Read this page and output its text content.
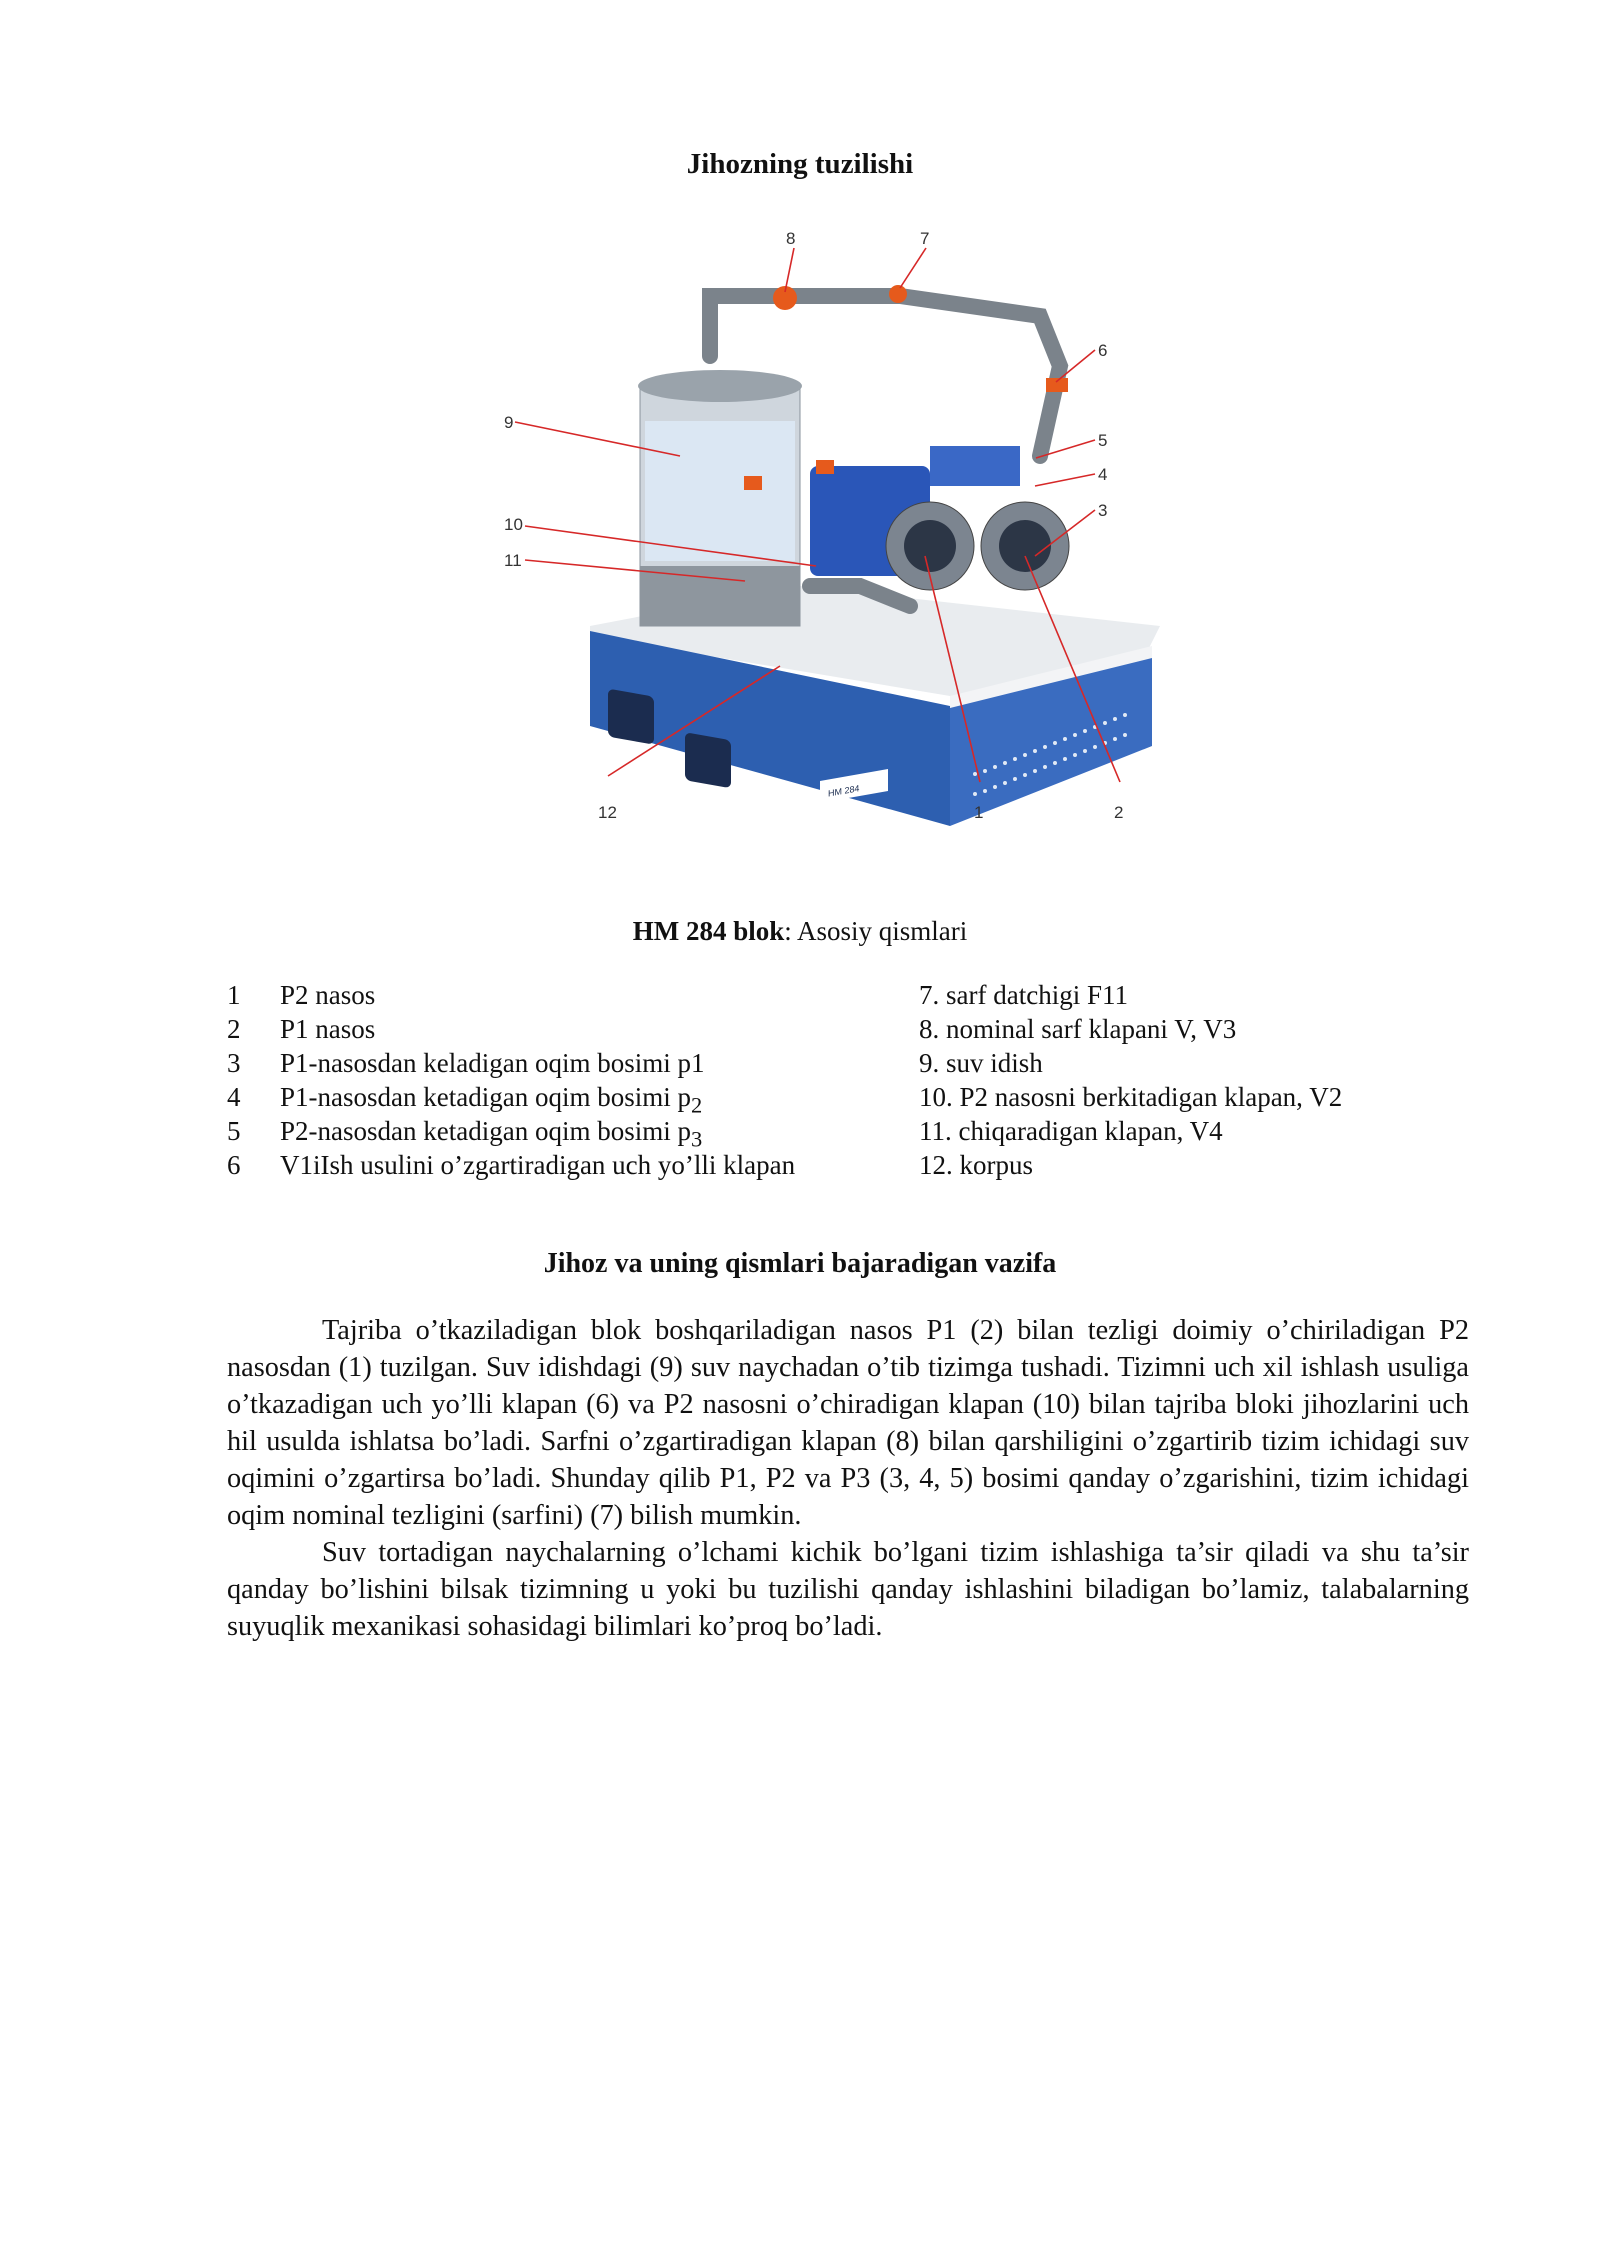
Jihozning tuzilishi
HM 284
8	7
6
5
4
3
9
10
11
12	1	2
HM 284 blok: Asosiy qismlari
1 P2 nasos
2 P1 nasos
3 P1-nasosdan keladigan oqim bosimi p1
4 P1-nasosdan ketadigan oqim bosimi $p_2$
5 P2-nasosdan ketadigan oqim bosimi $p_3$
6 V1iIsh usulini o’zgartiradigan uch yo’lli klapan
7. sarf datchigi F11
8. nominal sarf klapani V, V3
9. suv idish
10. P2 nasosni berkitadigan klapan, V2
11. chiqaradigan klapan, V4
12. korpus
Jihoz va uning qismlari bajaradigan vazifa

Tajriba o’tkaziladigan blok boshqariladigan nasos P1 (2) bilan tezligi doimiy o’chiriladigan P2 nasosdan (1) tuzilgan. Suv idishdagi (9) suv naychadan o’tib tizimga tushadi. Tizimni uch xil ishlash usuliga o’tkazadigan uch yo’lli klapan (6) va P2 nasosni o’chiradigan klapan (10) bilan tajriba bloki jihozlarini uch hil usulda ishlatsa bo’ladi. Sarfni o’zgartiradigan klapan (8) bilan qarshiligini o’zgartirib tizim ichidagi suv oqimini o’zgartirsa bo’ladi. Shunday qilib P1, P2 va P3 (3, 4, 5) bosimi qanday o’zgarishini, tizim ichidagi oqim nominal tezligini (sarfini) (7) bilish mumkin.

Suv tortadigan naychalarning o’lchami kichik bo’lgani tizim ishlashiga ta’sir qiladi va shu ta’sir qanday bo’lishini bilsak tizimning u yoki bu tuzilishi qanday ishlashini biladigan bo’lamiz, talabalarning suyuqlik mexanikasi sohasidagi bilimlari ko’proq bo’ladi.
